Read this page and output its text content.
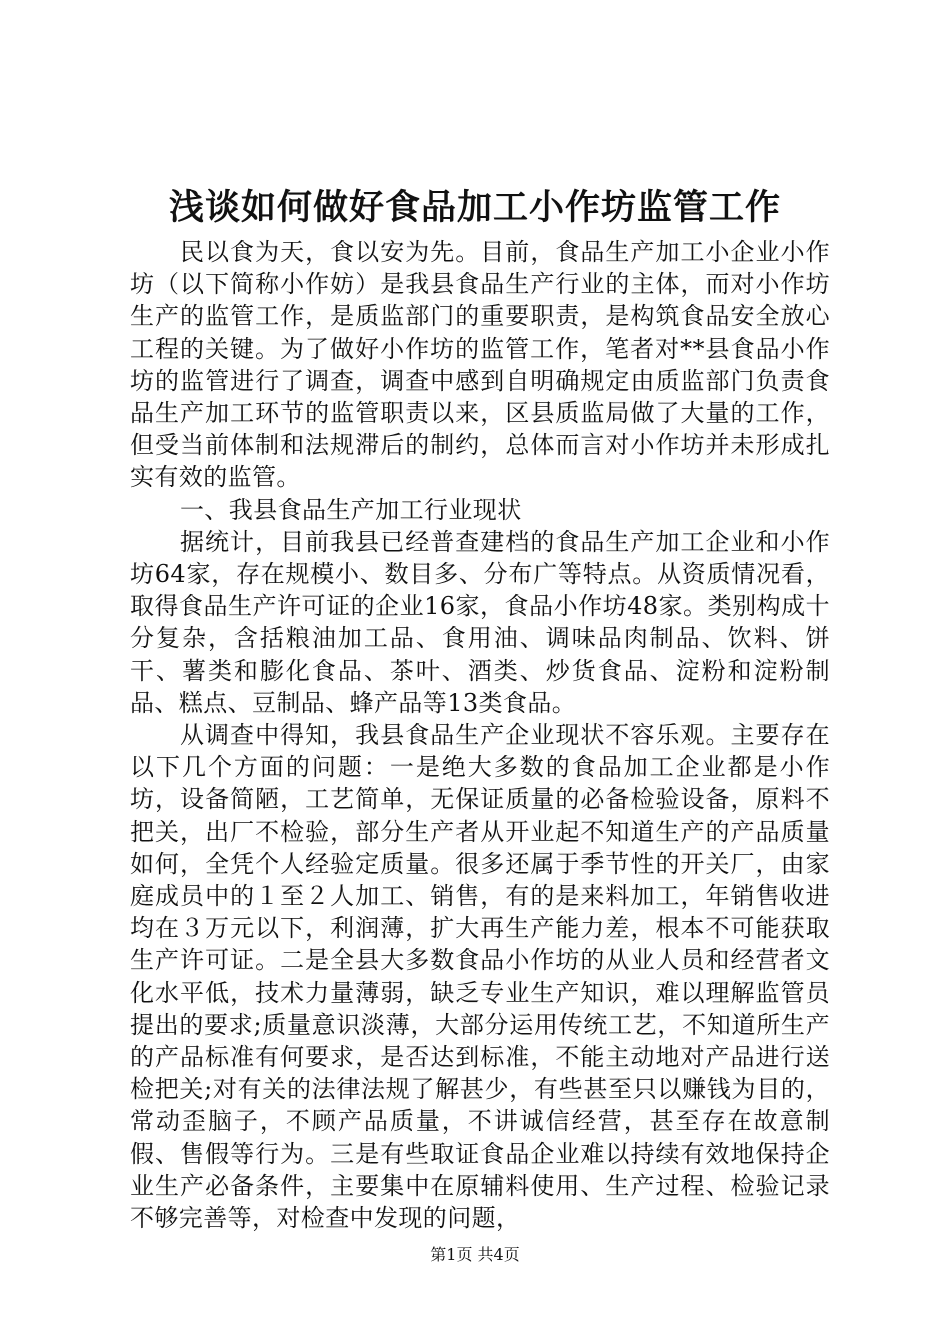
浅谈如何做好食品加工小作坊监管工作

民以食为天，食以安为先。目前，食品生产加工小企业小作坊（以下简称小作妨）是我县食品生产行业的主体，而对小作坊生产的监管工作，是质监部门的重要职责，是构筑食品安全放心工程的关键。为了做好小作坊的监管工作，笔者对**县食品小作坊的监管进行了调查，调查中感到自明确规定由质监部门负责食品生产加工环节的监管职责以来，区县质监局做了大量的工作，但受当前体制和法规滞后的制约，总体而言对小作坊并未形成扎实有效的监管。

一、我县食品生产加工行业现状

据统计，目前我县已经普查建档的食品生产加工企业和小作坊64家，存在规模小、数目多、分布广等特点。从资质情况看，取得食品生产许可证的企业16家，食品小作坊48家。类别构成十分复杂，含括粮油加工品、食用油、调味品肉制品、饮料、饼干、薯类和膨化食品、茶叶、酒类、炒货食品、淀粉和淀粉制品、糕点、豆制品、蜂产品等13类食品。

从调查中得知，我县食品生产企业现状不容乐观。主要存在以下几个方面的问题：一是绝大多数的食品加工企业都是小作坊，设备简陋，工艺简单，无保证质量的必备检验设备，原料不把关，出厂不检验，部分生产者从开业起不知道生产的产品质量如何，全凭个人经验定质量。很多还属于季节性的开关厂，由家庭成员中的１至２人加工、销售，有的是来料加工，年销售收进均在３万元以下，利润薄，扩大再生产能力差，根本不可能获取生产许可证。二是全县大多数食品小作坊的从业人员和经营者文化水平低，技术力量薄弱，缺乏专业生产知识，难以理解监管员提出的要求;质量意识淡薄，大部分运用传统工艺，不知道所生产的产品标准有何要求，是否达到标准，不能主动地对产品进行送检把关;对有关的法律法规了解甚少，有些甚至只以赚钱为目的，常动歪脑子，不顾产品质量，不讲诚信经营，甚至存在故意制假、售假等行为。三是有些取证食品企业难以持续有效地保持企业生产必备条件，主要集中在原辅料使用、生产过程、检验记录不够完善等，对检查中发现的问题，

第1页 共4页
